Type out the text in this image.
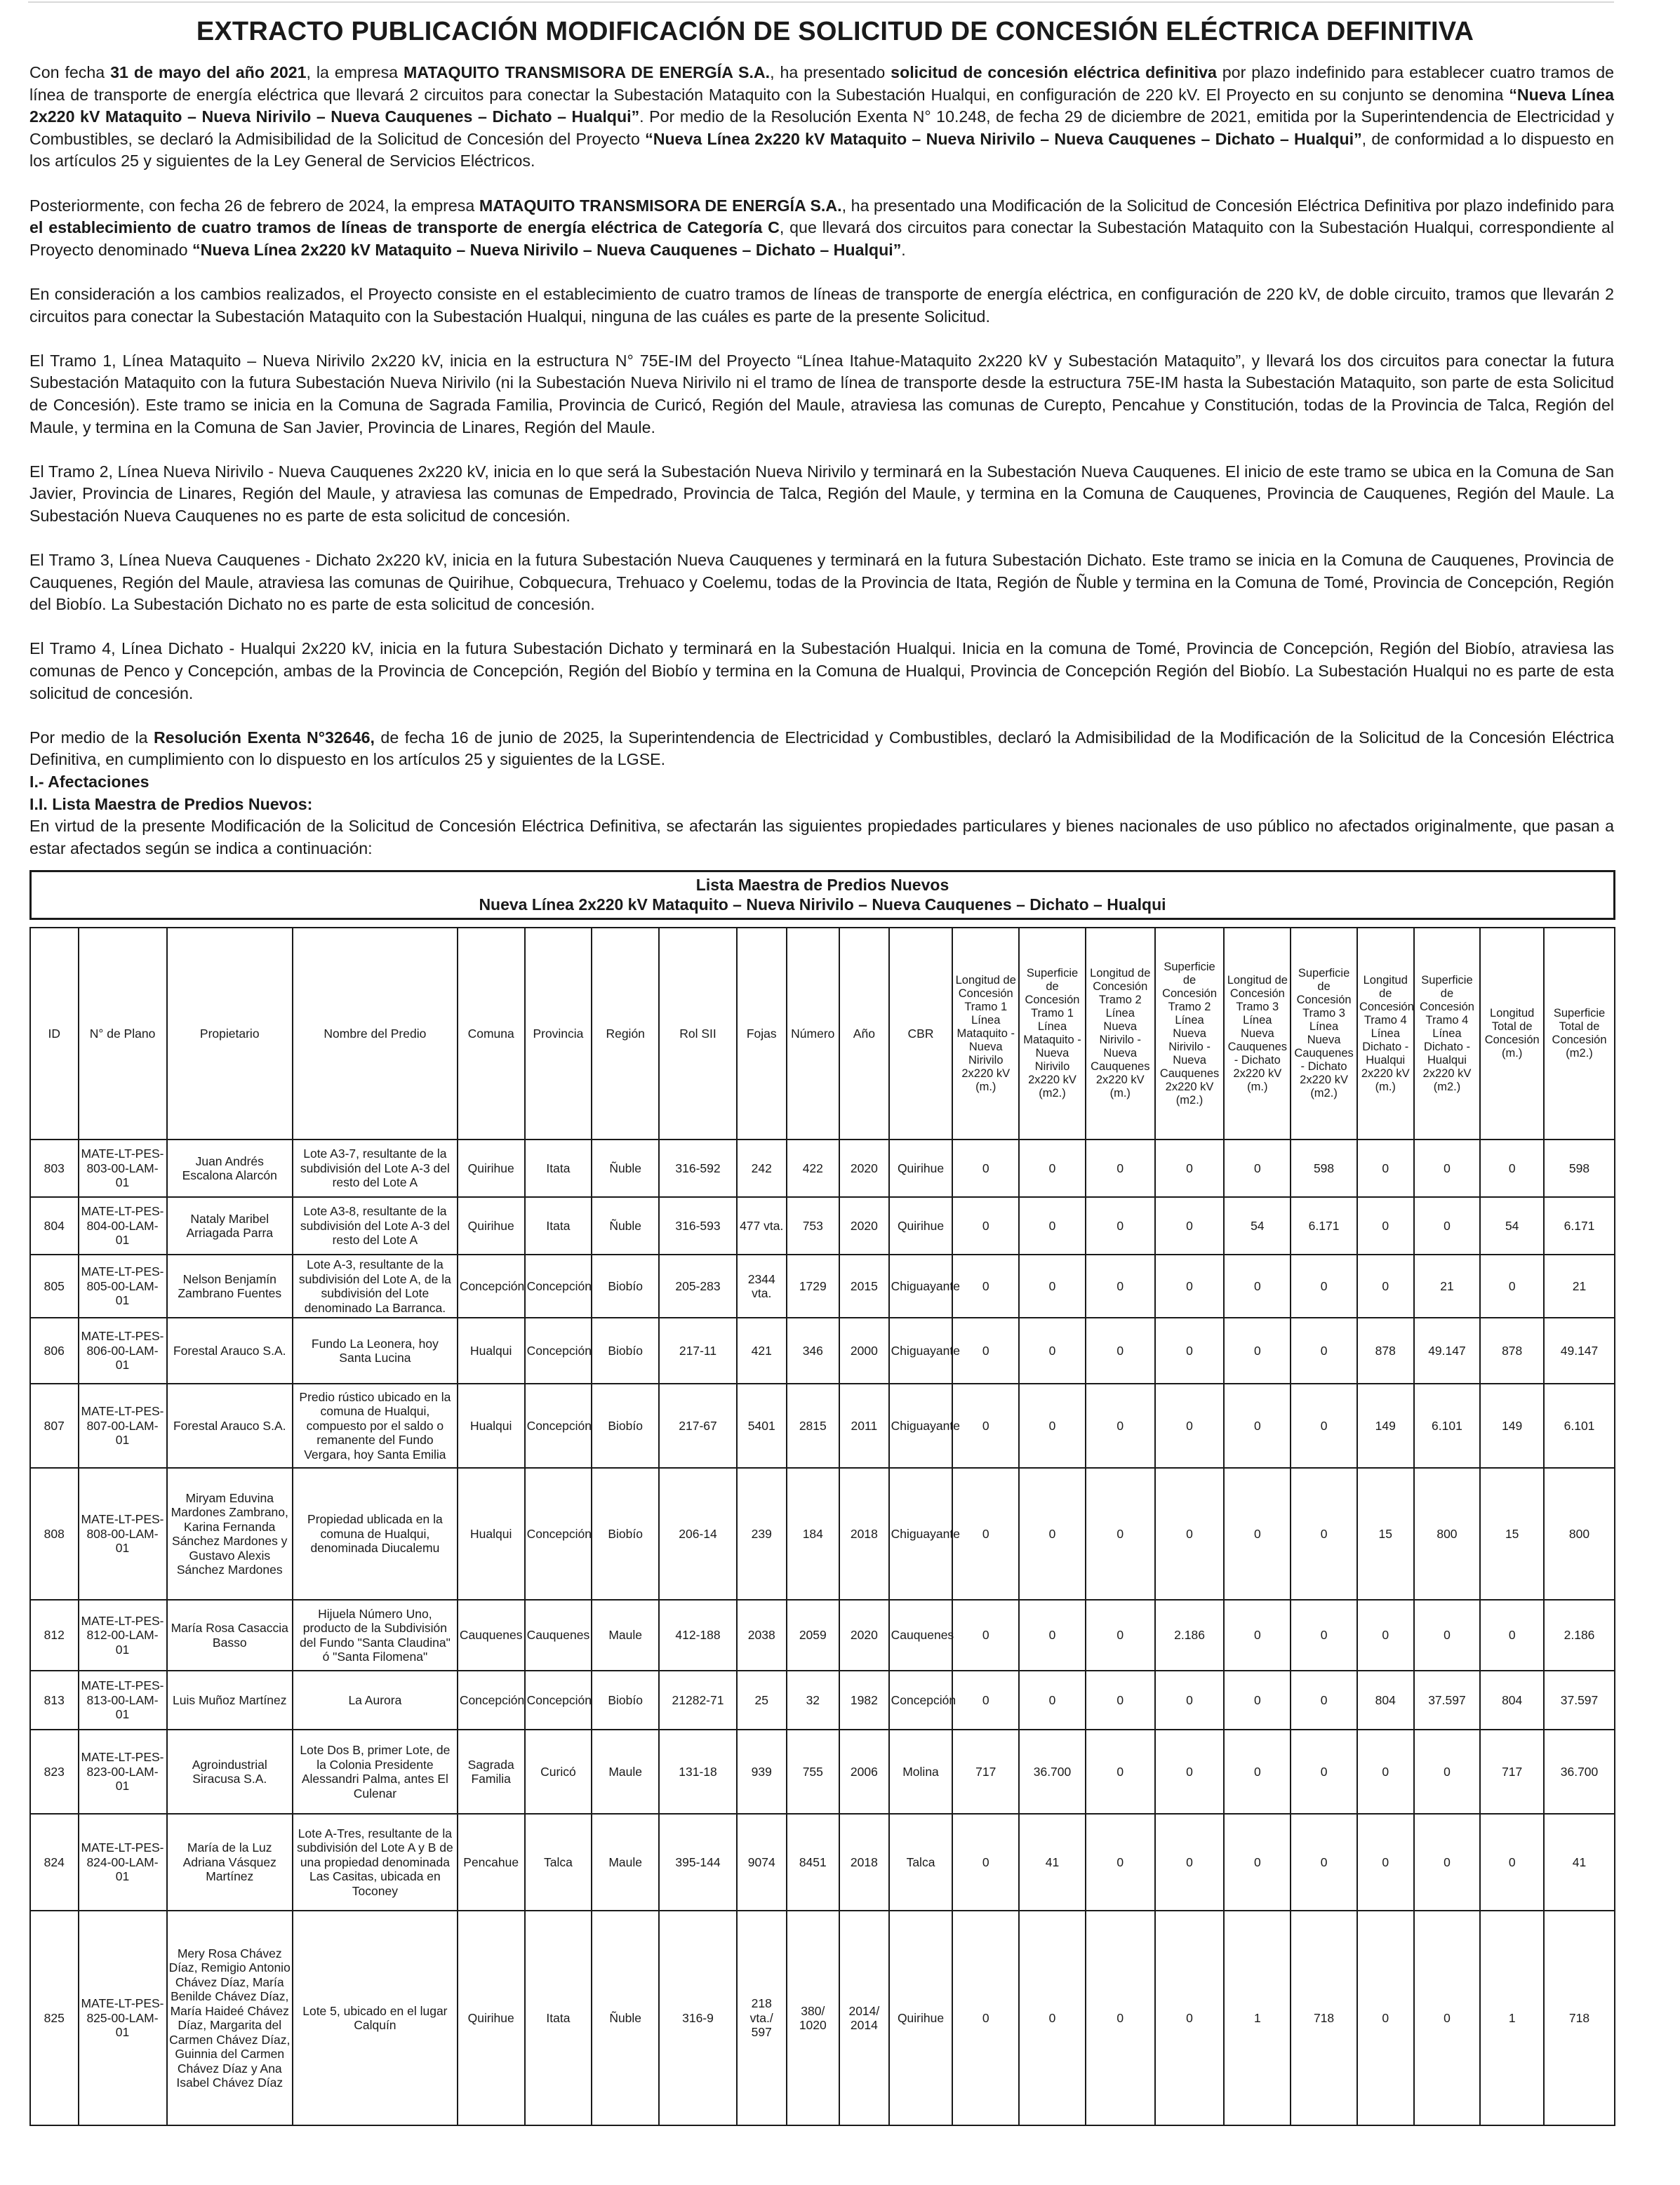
EXTRACTO PUBLICACIÓN MODIFICACIÓN DE SOLICITUD DE CONCESIÓN ELÉCTRICA DEFINITIVA

Con fecha 31 de mayo del año 2021, la empresa MATAQUITO TRANSMISORA DE ENERGÍA S.A., ha presentado solicitud de concesión eléctrica definitiva por plazo indefinido para establecer cuatro tramos de línea de transporte de energía eléctrica que llevará 2 circuitos para conectar la Subestación Mataquito con la Subestación Hualqui, en configuración de 220 kV. El Proyecto en su conjunto se denomina “Nueva Línea 2x220 kV Mataquito – Nueva Nirivilo – Nueva Cauquenes – Dichato – Hualqui”. Por medio de la Resolución Exenta N° 10.248, de fecha 29 de diciembre de 2021, emitida por la Superintendencia de Electricidad y Combustibles, se declaró la Admisibilidad de la Solicitud de Concesión del Proyecto “Nueva Línea 2x220 kV Mataquito – Nueva Nirivilo – Nueva Cauquenes – Dichato – Hualqui”, de conformidad a lo dispuesto en los artículos 25 y siguientes de la Ley General de Servicios Eléctricos.

Posteriormente, con fecha 26 de febrero de 2024, la empresa MATAQUITO TRANSMISORA DE ENERGÍA S.A., ha presentado una Modificación de la Solicitud de Concesión Eléctrica Definitiva por plazo indefinido para el establecimiento de cuatro tramos de líneas de transporte de energía eléctrica de Categoría C, que llevará dos circuitos para conectar la Subestación Mataquito con la Subestación Hualqui, correspondiente al Proyecto denominado “Nueva Línea 2x220 kV Mataquito – Nueva Nirivilo – Nueva Cauquenes – Dichato – Hualqui”.

En consideración a los cambios realizados, el Proyecto consiste en el establecimiento de cuatro tramos de líneas de transporte de energía eléctrica, en configuración de 220 kV, de doble circuito, tramos que llevarán 2 circuitos para conectar la Subestación Mataquito con la Subestación Hualqui, ninguna de las cuáles es parte de la presente Solicitud.

El Tramo 1, Línea Mataquito – Nueva Nirivilo 2x220 kV, inicia en la estructura N° 75E-IM del Proyecto “Línea Itahue-Mataquito 2x220 kV y Subestación Mataquito”, y llevará los dos circuitos para conectar la futura Subestación Mataquito con la futura Subestación Nueva Nirivilo (ni la Subestación Nueva Nirivilo ni el tramo de línea de transporte desde la estructura 75E-IM hasta la Subestación Mataquito, son parte de esta Solicitud de Concesión). Este tramo se inicia en la Comuna de Sagrada Familia, Provincia de Curicó, Región del Maule, atraviesa las comunas de Curepto, Pencahue y Constitución, todas de la Provincia de Talca, Región del Maule, y termina en la Comuna de San Javier, Provincia de Linares, Región del Maule.

El Tramo 2, Línea Nueva Nirivilo - Nueva Cauquenes 2x220 kV, inicia en lo que será la Subestación Nueva Nirivilo y terminará en la Subestación Nueva Cauquenes. El inicio de este tramo se ubica en la Comuna de San Javier, Provincia de Linares, Región del Maule, y atraviesa las comunas de Empedrado, Provincia de Talca, Región del Maule, y termina en la Comuna de Cauquenes, Provincia de Cauquenes, Región del Maule. La Subestación Nueva Cauquenes no es parte de esta solicitud de concesión.

El Tramo 3, Línea Nueva Cauquenes - Dichato 2x220 kV, inicia en la futura Subestación Nueva Cauquenes y terminará en la futura Subestación Dichato. Este tramo se inicia en la Comuna de Cauquenes, Provincia de Cauquenes, Región del Maule, atraviesa las comunas de Quirihue, Cobquecura, Trehuaco y Coelemu, todas de la Provincia de Itata, Región de Ñuble y termina en la Comuna de Tomé, Provincia de Concepción, Región del Biobío. La Subestación Dichato no es parte de esta solicitud de concesión.

El Tramo 4, Línea Dichato - Hualqui 2x220 kV, inicia en la futura Subestación Dichato y terminará en la Subestación Hualqui. Inicia en la comuna de Tomé, Provincia de Concepción, Región del Biobío, atraviesa las comunas de Penco y Concepción, ambas de la Provincia de Concepción, Región del Biobío y termina en la Comuna de Hualqui, Provincia de Concepción Región del Biobío. La Subestación Hualqui no es parte de esta solicitud de concesión.

Por medio de la Resolución Exenta N°32646, de fecha 16 de junio de 2025, la Superintendencia de Electricidad y Combustibles, declaró la Admisibilidad de la Modificación de la Solicitud de la Concesión Eléctrica Definitiva, en cumplimiento con lo dispuesto en los artículos 25 y siguientes de la LGSE.

I.- Afectaciones

I.I. Lista Maestra de Predios Nuevos:

En virtud de la presente Modificación de la Solicitud de Concesión Eléctrica Definitiva, se afectarán las siguientes propiedades particulares y bienes nacionales de uso público no afectados originalmente, que pasan a estar afectados según se indica a continuación:

Lista Maestra de Predios Nuevos
Nueva Línea 2x220 kV Mataquito – Nueva Nirivilo – Nueva Cauquenes – Dichato – Hualqui
ID	N° de Plano	Propietario	Nombre del Predio	Comuna	Provincia	Región	Rol SII	Fojas	Número	Año	CBR	Longitud de Concesión Tramo 1 Línea Mataquito - Nueva Nirivilo 2x220 kV (m.)	Superficie de Concesión Tramo 1 Línea Mataquito - Nueva Nirivilo 2x220 kV (m2.)	Longitud de Concesión Tramo 2 Línea Nueva Nirivilo - Nueva Cauquenes 2x220 kV (m.)	Superficie de Concesión Tramo 2 Línea Nueva Nirivilo - Nueva Cauquenes 2x220 kV (m2.)	Longitud de Concesión Tramo 3 Línea Nueva Cauquenes - Dichato 2x220 kV (m.)	Superficie de Concesión Tramo 3 Línea Nueva Cauquenes - Dichato 2x220 kV (m2.)	Longitud de Concesión Tramo 4 Línea Dichato - Hualqui 2x220 kV (m.)	Superficie de Concesión Tramo 4 Línea Dichato - Hualqui 2x220 kV (m2.)	Longitud Total de Concesión (m.)	Superficie Total de Concesión (m2.)
803	MATE-LT-PES-803-00-LAM-01	Juan Andrés Escalona Alarcón	Lote A3-7, resultante de la subdivisión del Lote A-3 del resto del Lote A	Quirihue	Itata	Ñuble	316-592	242	422	2020	Quirihue	0	0	0	0	0	598	0	0	0	598
804	MATE-LT-PES-804-00-LAM-01	Nataly Maribel Arriagada Parra	Lote A3-8, resultante de la subdivisión del Lote A-3 del resto del Lote A	Quirihue	Itata	Ñuble	316-593	477 vta.	753	2020	Quirihue	0	0	0	0	54	6.171	0	0	54	6.171
805	MATE-LT-PES-805-00-LAM-01	Nelson Benjamín Zambrano Fuentes	Lote A-3, resultante de la subdivisión del Lote A, de la subdivisión del Lote denominado La Barranca.	Concepción	Concepción	Biobío	205-283	2344 vta.	1729	2015	Chiguayante	0	0	0	0	0	0	0	21	0	21
806	MATE-LT-PES-806-00-LAM-01	Forestal Arauco S.A.	Fundo La Leonera, hoy Santa Lucina	Hualqui	Concepción	Biobío	217-11	421	346	2000	Chiguayante	0	0	0	0	0	0	878	49.147	878	49.147
807	MATE-LT-PES-807-00-LAM-01	Forestal Arauco S.A.	Predio rústico ubicado en la comuna de Hualqui, compuesto por el saldo o remanente del Fundo Vergara, hoy Santa Emilia	Hualqui	Concepción	Biobío	217-67	5401	2815	2011	Chiguayante	0	0	0	0	0	0	149	6.101	149	6.101
808	MATE-LT-PES-808-00-LAM-01	Miryam Eduvina Mardones Zambrano, Karina Fernanda Sánchez Mardones y Gustavo Alexis Sánchez Mardones	Propiedad ublicada en la comuna de Hualqui, denominada Diucalemu	Hualqui	Concepción	Biobío	206-14	239	184	2018	Chiguayante	0	0	0	0	0	0	15	800	15	800
812	MATE-LT-PES-812-00-LAM-01	María Rosa Casaccia Basso	Hijuela Número Uno, producto de la Subdivisión del Fundo "Santa Claudina" ó "Santa Filomena"	Cauquenes	Cauquenes	Maule	412-188	2038	2059	2020	Cauquenes	0	0	0	2.186	0	0	0	0	0	2.186
813	MATE-LT-PES-813-00-LAM-01	Luis Muñoz Martínez	La Aurora	Concepción	Concepción	Biobío	21282-71	25	32	1982	Concepción	0	0	0	0	0	0	804	37.597	804	37.597
823	MATE-LT-PES-823-00-LAM-01	Agroindustrial Siracusa S.A.	Lote Dos B, primer Lote, de la Colonia Presidente Alessandri Palma, antes El Culenar	Sagrada Familia	Curicó	Maule	131-18	939	755	2006	Molina	717	36.700	0	0	0	0	0	0	717	36.700
824	MATE-LT-PES-824-00-LAM-01	María de la Luz Adriana Vásquez Martínez	Lote A-Tres, resultante de la subdivisión del Lote A y B de una propiedad denominada Las Casitas, ubicada en Toconey	Pencahue	Talca	Maule	395-144	9074	8451	2018	Talca	0	41	0	0	0	0	0	0	0	41
825	MATE-LT-PES-825-00-LAM-01	Mery Rosa Chávez Díaz, Remigio Antonio Chávez Díaz, María Benilde Chávez Díaz, María Haideé Chávez Díaz, Margarita del Carmen Chávez Díaz, Guinnia del Carmen Chávez Díaz y Ana Isabel Chávez Díaz	Lote 5, ubicado en el lugar Calquín	Quirihue	Itata	Ñuble	316-9	218 vta./ 597	380/ 1020	2014/ 2014	Quirihue	0	0	0	0	1	718	0	0	1	718
